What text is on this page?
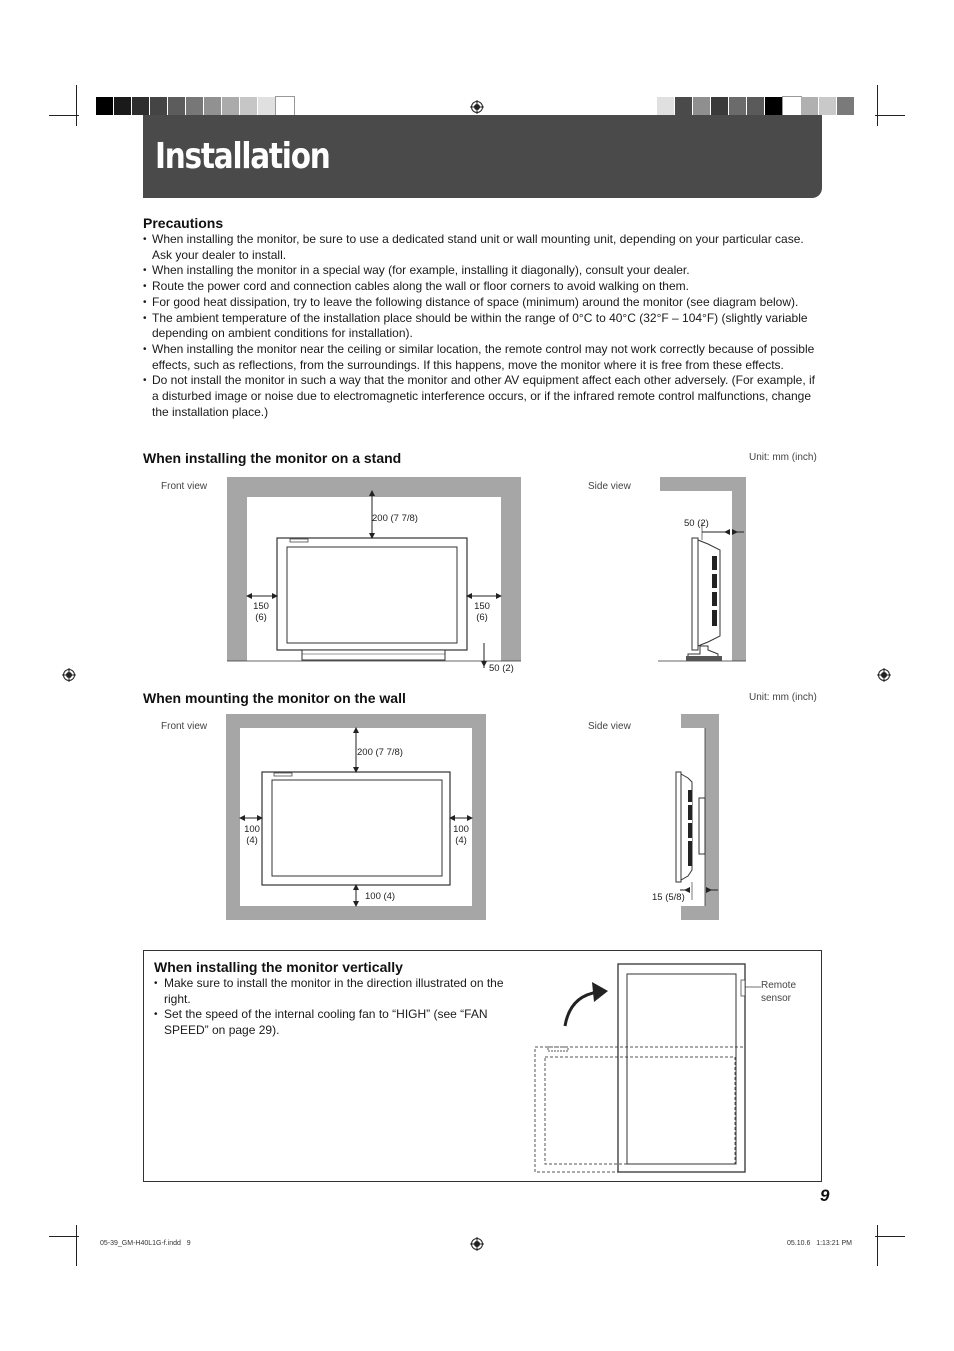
Installation
Precautions
• When installing the monitor, be sure to use a dedicated stand unit or wall mounting unit, depending on your particular case. Ask your dealer to install.
• When installing the monitor in a special way (for example, installing it diagonally), consult your dealer.
• Route the power cord and connection cables along the wall or floor corners to avoid walking on them.
• For good heat dissipation, try to leave the following distance of space (minimum) around the monitor (see diagram below).
• The ambient temperature of the installation place should be within the range of 0°C to 40°C (32°F – 104°F) (slightly variable depending on ambient conditions for installation).
• When installing the monitor near the ceiling or similar location, the remote control may not work correctly because of possible effects, such as reflections, from the surroundings. If this happens, move the monitor where it is free from these effects.
• Do not install the monitor in such a way that the monitor and other AV equipment affect each other adversely. (For example, if a disturbed image or noise due to electromagnetic interference occurs, or if the infrared remote control malfunctions, change the installation place.)
When installing the monitor on a stand	Unit: mm (inch)
Front view	Side view
200 (7 7/8)
150
(6)
150
(6)
50 (2)
50 (2)
When mounting the monitor on the wall	Unit: mm (inch)
Front view	Side view
200 (7 7/8)
100
(4)
100
(4)
100 (4)	15 (5/8)
When installing the monitor vertically
• Make sure to install the monitor in the direction illustrated on the right.
• Set the speed of the internal cooling fan to “HIGH” (see “FAN SPEED” on page 29).
Remote
sensor
9
05-39_GM-H40L1G-f.indd   9	05.10.6   1:13:21 PM
